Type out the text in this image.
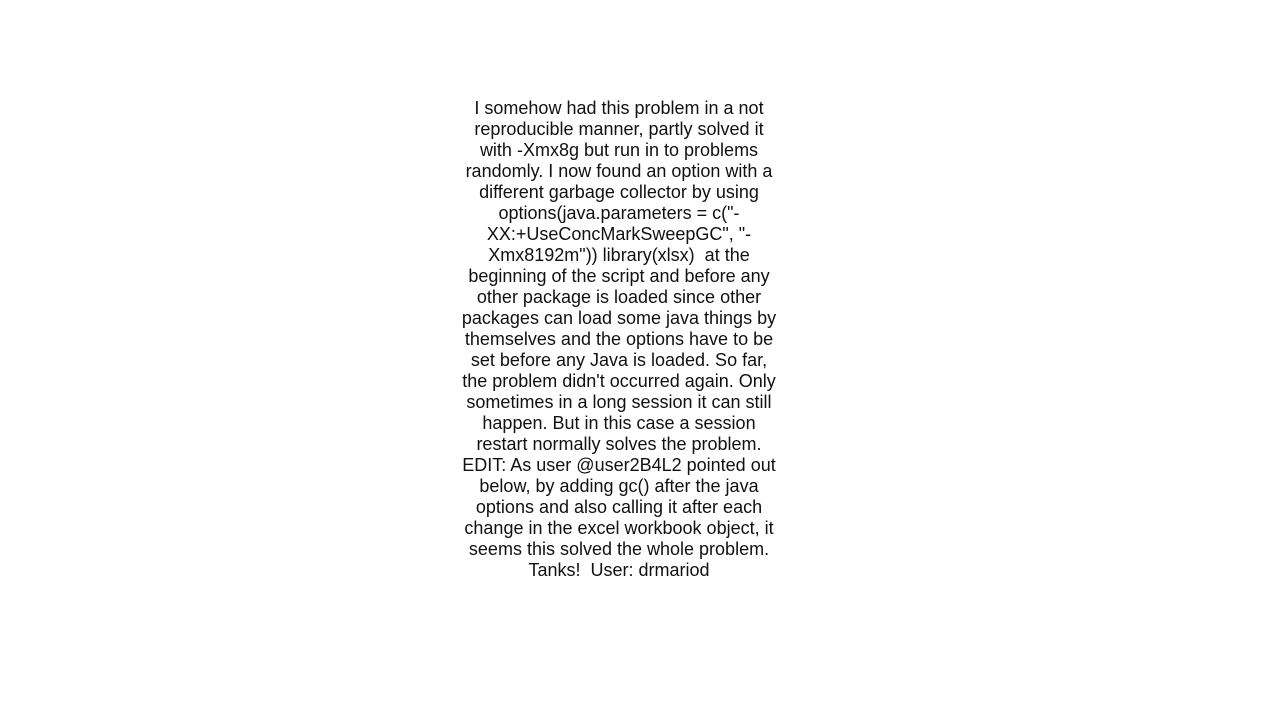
I somehow had this problem in a not reproducible manner, partly solved it with -Xmx8g but run in to problems randomly. I now found an option with a different garbage collector by using options(java.parameters = c("-XX:+UseConcMarkSweepGC", "-Xmx8192m")) library(xlsx)  at the beginning of the script and before any other package is loaded since other packages can load some java things by themselves and the options have to be set before any Java is loaded. So far, the problem didn't occurred again. Only sometimes in a long session it can still happen. But in this case a session restart normally solves the problem. EDIT: As user @user2B4L2 pointed out below, by adding gc() after the java options and also calling it after each change in the excel workbook object, it seems this solved the whole problem. Tanks!  User: drmariod
